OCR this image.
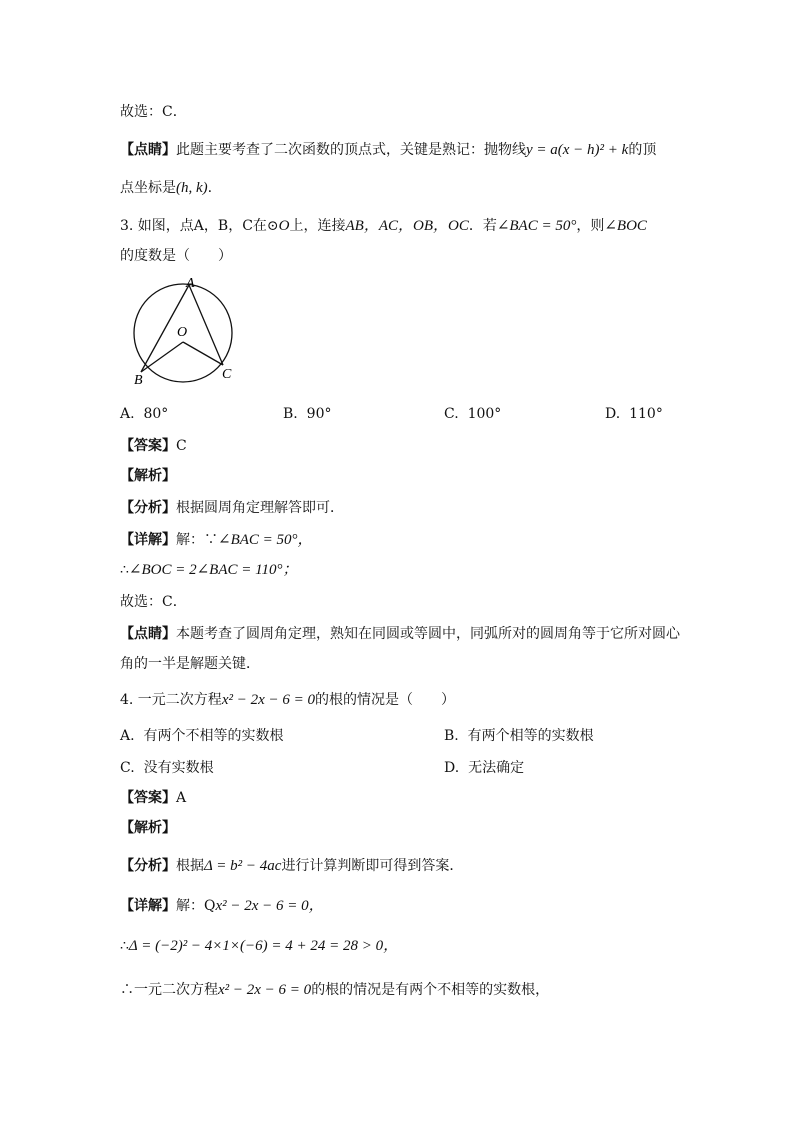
故选：C．
【点睛】此题主要考查了二次函数的顶点式，关键是熟记：抛物线y = a(x − h)² + k的顶
点坐标是(h, k).
3. 如图，点A，B，C在⊙O上，连接AB，AC，OB，OC．若∠BAC = 50°，则∠BOC
的度数是（　　）
A
O
B	C
A. 80°	B. 90°	C. 100°	D. 110°
【答案】C
【解析】
【分析】根据圆周角定理解答即可．
【详解】解：∵∠BAC = 50°，
∴∠BOC = 2∠BAC = 110°；
故选：C．
【点睛】本题考查了圆周角定理，熟知在同圆或等圆中，同弧所对的圆周角等于它所对圆心
角的一半是解题关键．
4. 一元二次方程x² − 2x − 6 = 0的根的情况是（　　）
A. 有两个不相等的实数根	B. 有两个相等的实数根
C. 没有实数根	D. 无法确定
【答案】A
【解析】
【分析】根据Δ = b² − 4ac进行计算判断即可得到答案．
【详解】解：Qx² − 2x − 6 = 0，
∴Δ = (−2)² − 4×1×(−6) = 4 + 24 = 28 > 0，
∴一元二次方程x² − 2x − 6 = 0的根的情况是有两个不相等的实数根，
